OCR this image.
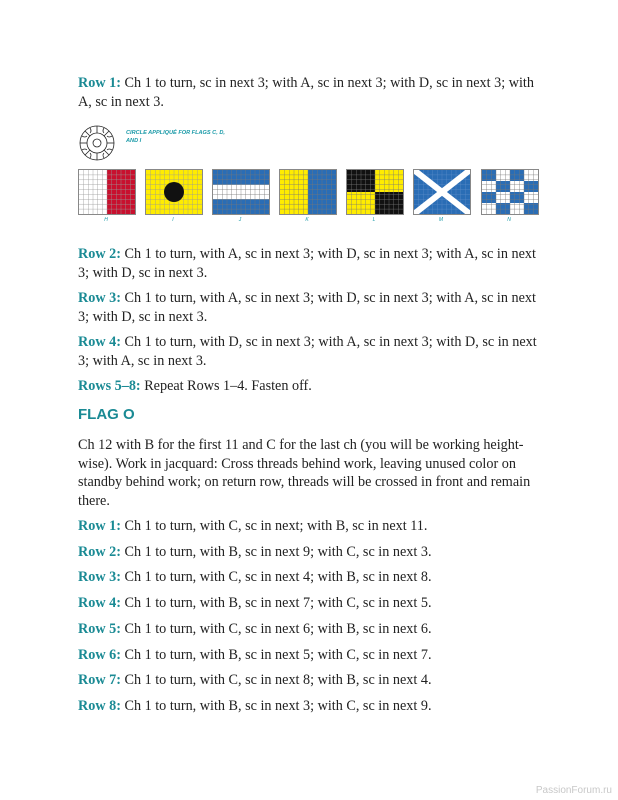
Row 1: Ch 1 to turn, sc in next 3; with A, sc in next 3; with D, sc in next 3; with A, sc in next 3.

CIRCLE APPLIQUÉ FOR FLAGS C, D, AND I
H	I	J	K	L	M	N

Row 2: Ch 1 to turn, with A, sc in next 3; with D, sc in next 3; with A, sc in next 3; with D, sc in next 3.

Row 3: Ch 1 to turn, with A, sc in next 3; with D, sc in next 3; with A, sc in next 3; with D, sc in next 3.

Row 4: Ch 1 to turn, with D, sc in next 3; with A, sc in next 3; with D, sc in next 3; with A, sc in next 3.

Rows 5–8: Repeat Rows 1–4. Fasten off.

FLAG O

Ch 12 with B for the first 11 and C for the last ch (you will be working height-wise). Work in jacquard: Cross threads behind work, leaving unused color on standby behind work; on return row, threads will be crossed in front and remain there.

Row 1: Ch 1 to turn, with C, sc in next; with B, sc in next 11.

Row 2: Ch 1 to turn, with B, sc in next 9; with C, sc in next 3.

Row 3: Ch 1 to turn, with C, sc in next 4; with B, sc in next 8.

Row 4: Ch 1 to turn, with B, sc in next 7; with C, sc in next 5.

Row 5: Ch 1 to turn, with C, sc in next 6; with B, sc in next 6.

Row 6: Ch 1 to turn, with B, sc in next 5; with C, sc in next 7.

Row 7: Ch 1 to turn, with C, sc in next 8; with B, sc in next 4.

Row 8: Ch 1 to turn, with B, sc in next 3; with C, sc in next 9.

PassionForum.ru
